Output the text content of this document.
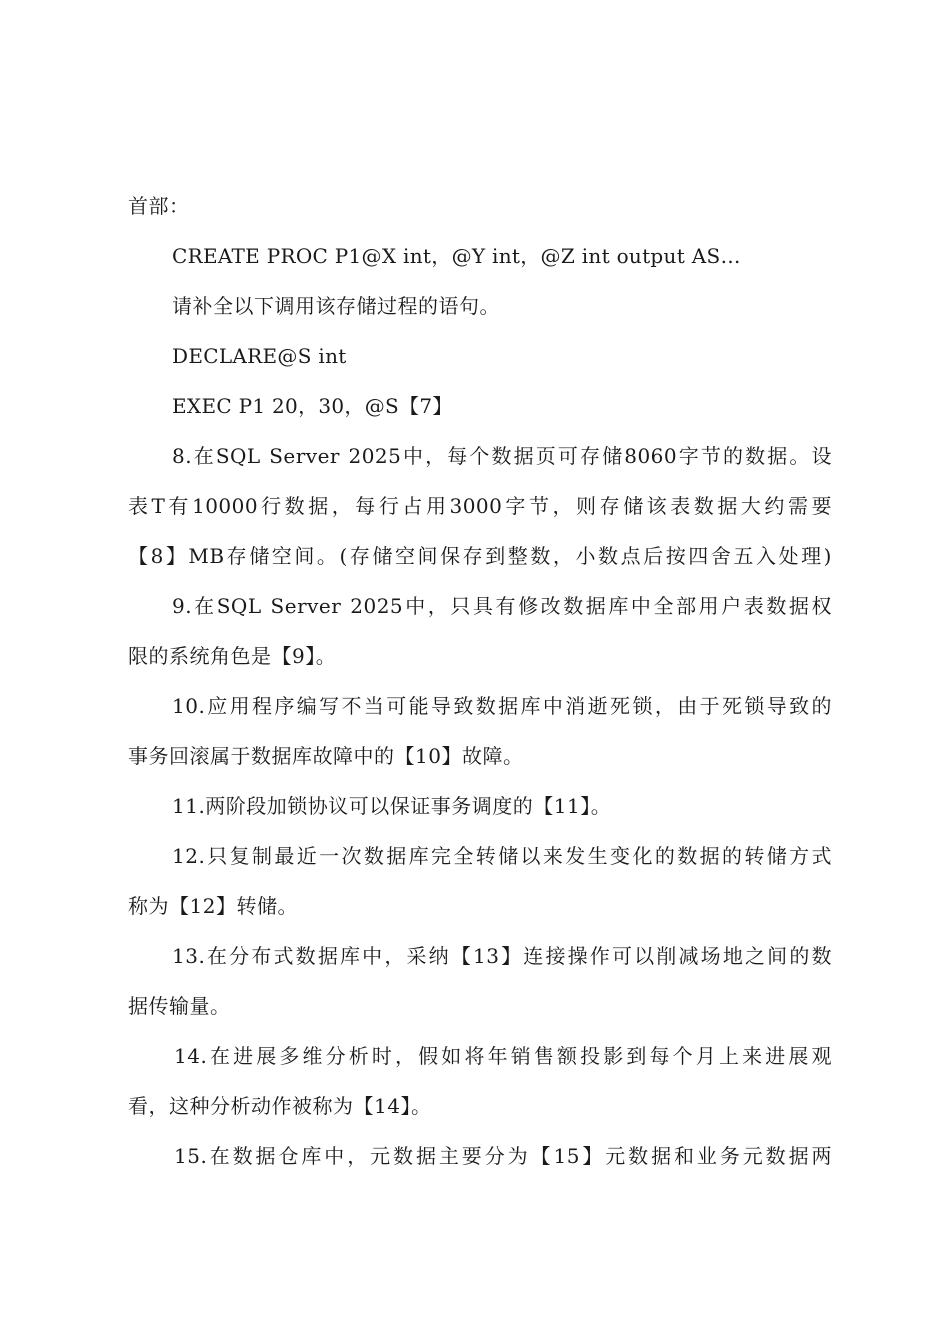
首部：
CREATE PROC P1@X int，@Y int，@Z int output AS…
请补全以下调用该存储过程的语句。
DECLARE@S int
EXEC P1 20，30，@S【7】
8.在SQL Server 2025中，每个数据页可存储8060字节的数据。设
表T有10000行数据，每行占用3000字节，则存储该表数据大约需要
【8】MB存储空间。(存储空间保存到整数，小数点后按四舍五入处理)
9.在SQL Server 2025中，只具有修改数据库中全部用户表数据权
限的系统角色是【9】。
10.应用程序编写不当可能导致数据库中消逝死锁，由于死锁导致的
事务回滚属于数据库故障中的【10】故障。
11.两阶段加锁协议可以保证事务调度的【11】。
12.只复制最近一次数据库完全转储以来发生变化的数据的转储方式
称为【12】转储。
13.在分布式数据库中，采纳【13】连接操作可以削减场地之间的数
据传输量。
14.在进展多维分析时，假如将年销售额投影到每个月上来进展观
看，这种分析动作被称为【14】。
15.在数据仓库中，元数据主要分为【15】元数据和业务元数据两
